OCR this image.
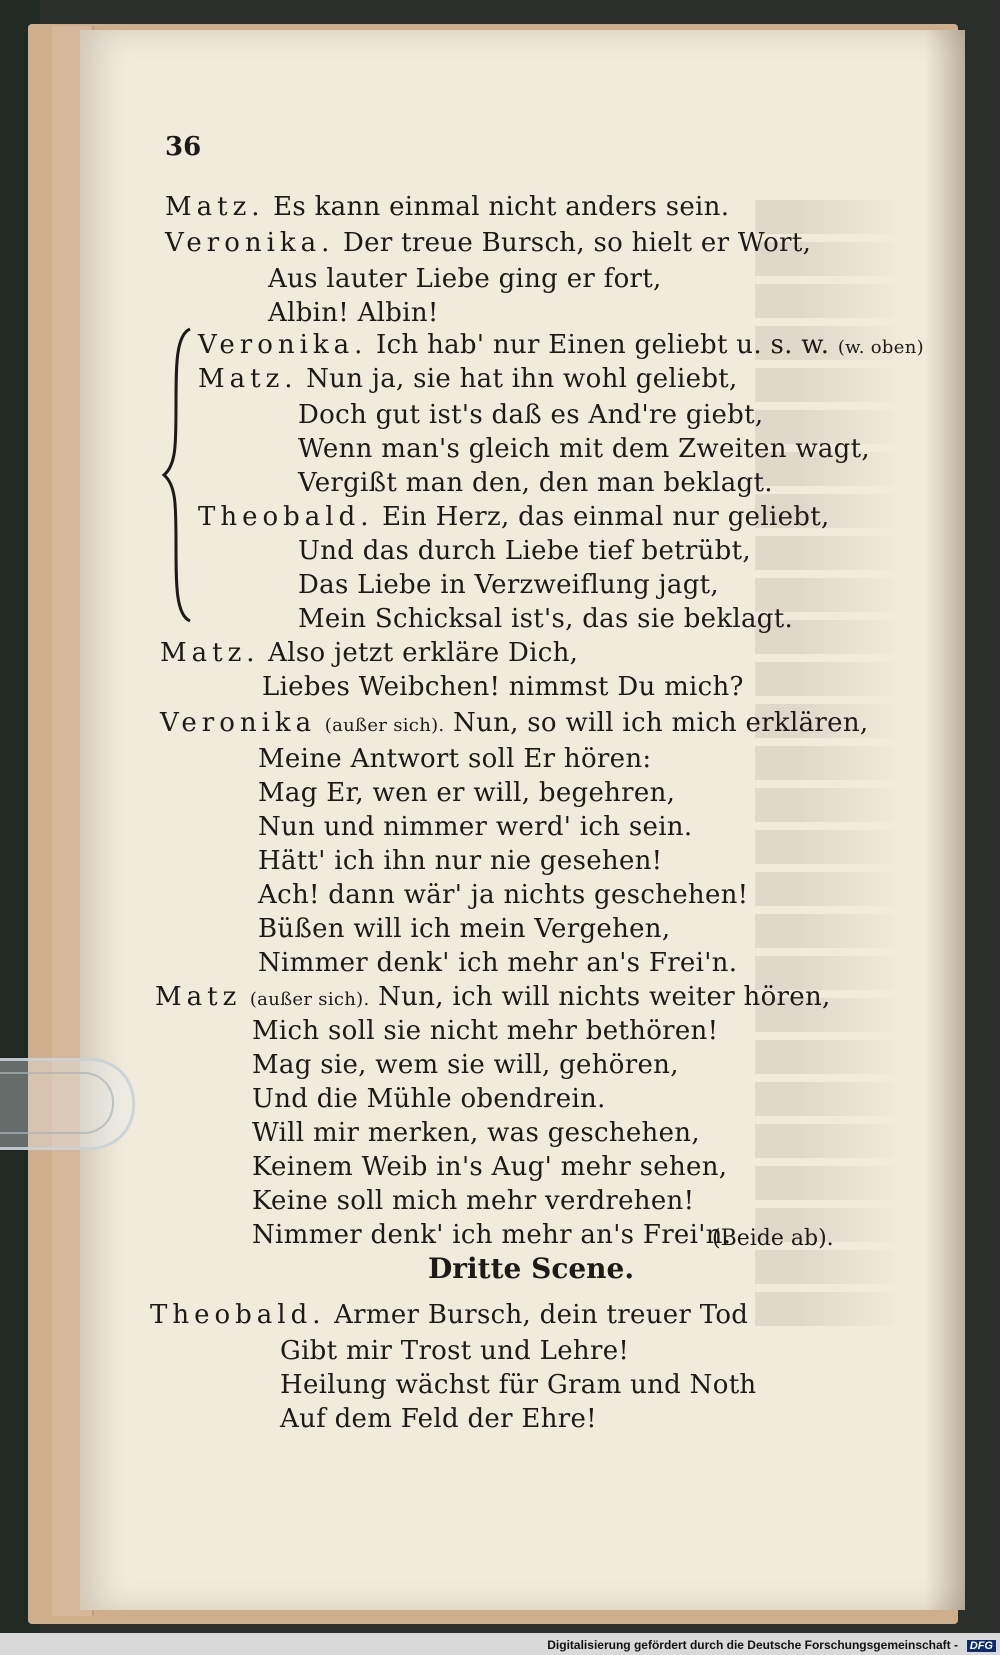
36
Matz. Es kann einmal nicht anders sein.
Veronika. Der treue Bursch, so hielt er Wort,
Aus lauter Liebe ging er fort,
Albin! Albin!
Veronika. Ich hab' nur Einen geliebt u. s. w. (w. oben)
Matz. Nun ja, sie hat ihn wohl geliebt,
Doch gut ist's daß es And're giebt,
Wenn man's gleich mit dem Zweiten wagt,
Vergißt man den, den man beklagt.
Theobald. Ein Herz, das einmal nur geliebt,
Und das durch Liebe tief betrübt,
Das Liebe in Verzweiflung jagt,
Mein Schicksal ist's, das sie beklagt.
Matz. Also jetzt erkläre Dich,
Liebes Weibchen! nimmst Du mich?
Veronika (außer sich). Nun, so will ich mich erklären,
Meine Antwort soll Er hören:
Mag Er, wen er will, begehren,
Nun und nimmer werd' ich sein.
Hätt' ich ihn nur nie gesehen!
Ach! dann wär' ja nichts geschehen!
Büßen will ich mein Vergehen,
Nimmer denk' ich mehr an's Frei'n.
Matz (außer sich). Nun, ich will nichts weiter hören,
Mich soll sie nicht mehr bethören!
Mag sie, wem sie will, gehören,
Und die Mühle obendrein.
Will mir merken, was geschehen,
Keinem Weib in's Aug' mehr sehen,
Keine soll mich mehr verdrehen!
Nimmer denk' ich mehr an's Frei'n.
(Beide ab).
Dritte Scene.
Theobald. Armer Bursch, dein treuer Tod
Gibt mir Trost und Lehre!
Heilung wächst für Gram und Noth
Auf dem Feld der Ehre!
Digitalisierung gefördert durch die Deutsche Forschungsgemeinschaft - DFG
